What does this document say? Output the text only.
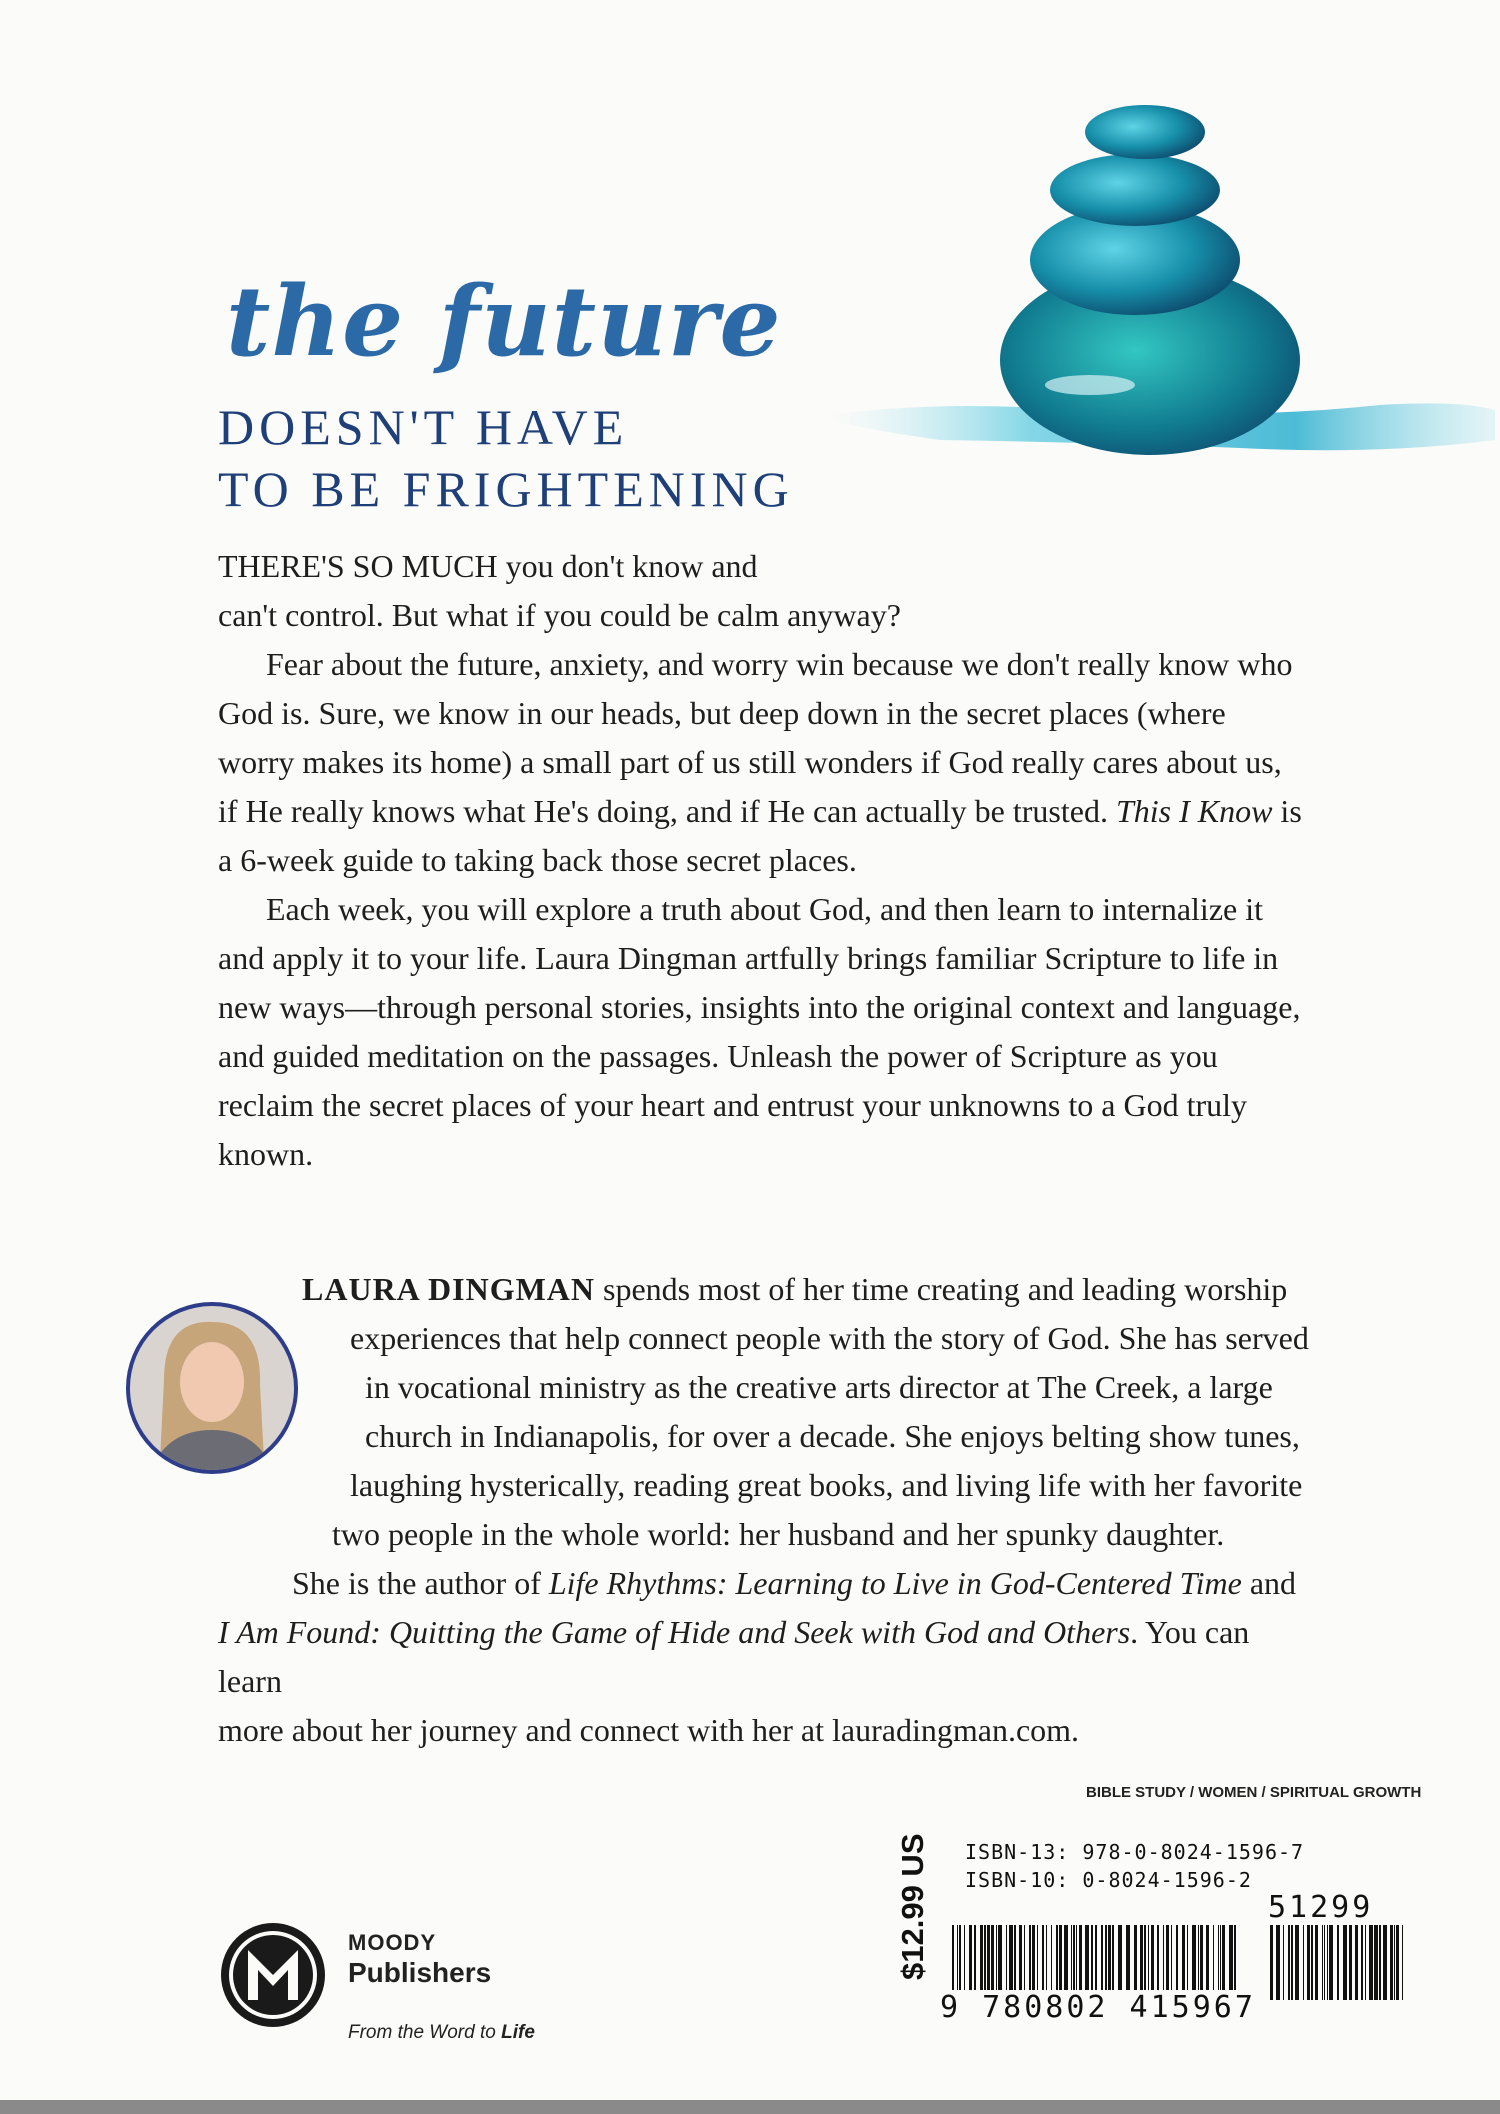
the future
DOESN'T HAVE
TO BE FRIGHTENING
THERE'S SO MUCH you don't know and
can't control. But what if you could be calm anyway?
Fear about the future, anxiety, and worry win because we don't really know who God is. Sure, we know in our heads, but deep down in the secret places (where worry makes its home) a small part of us still wonders if God really cares about us, if He really knows what He's doing, and if He can actually be trusted. This I Know is a 6-week guide to taking back those secret places.
Each week, you will explore a truth about God, and then learn to internalize it and apply it to your life. Laura Dingman artfully brings familiar Scripture to life in new ways—through personal stories, insights into the original context and language, and guided meditation on the passages. Unleash the power of Scripture as you reclaim the secret places of your heart and entrust your unknowns to a God truly known.
LAURA DINGMAN spends most of her time creating and leading worship
experiences that help connect people with the story of God. She has served
in vocational ministry as the creative arts director at The Creek, a large
church in Indianapolis, for over a decade. She enjoys belting show tunes,
laughing hysterically, reading great books, and living life with her favorite
two people in the whole world: her husband and her spunky daughter.
She is the author of Life Rhythms: Learning to Live in God-Centered Time and
I Am Found: Quitting the Game of Hide and Seek with God and Others. You can learn
more about her journey and connect with her at lauradingman.com.
BIBLE STUDY / WOMEN / SPIRITUAL GROWTH
$12.99 US ISBN-13: 978-0-8024-1596-7
ISBN-10: 0-8024-1596-2
51299
9 780802 415967
MOODY
Publishers
From the Word to Life
